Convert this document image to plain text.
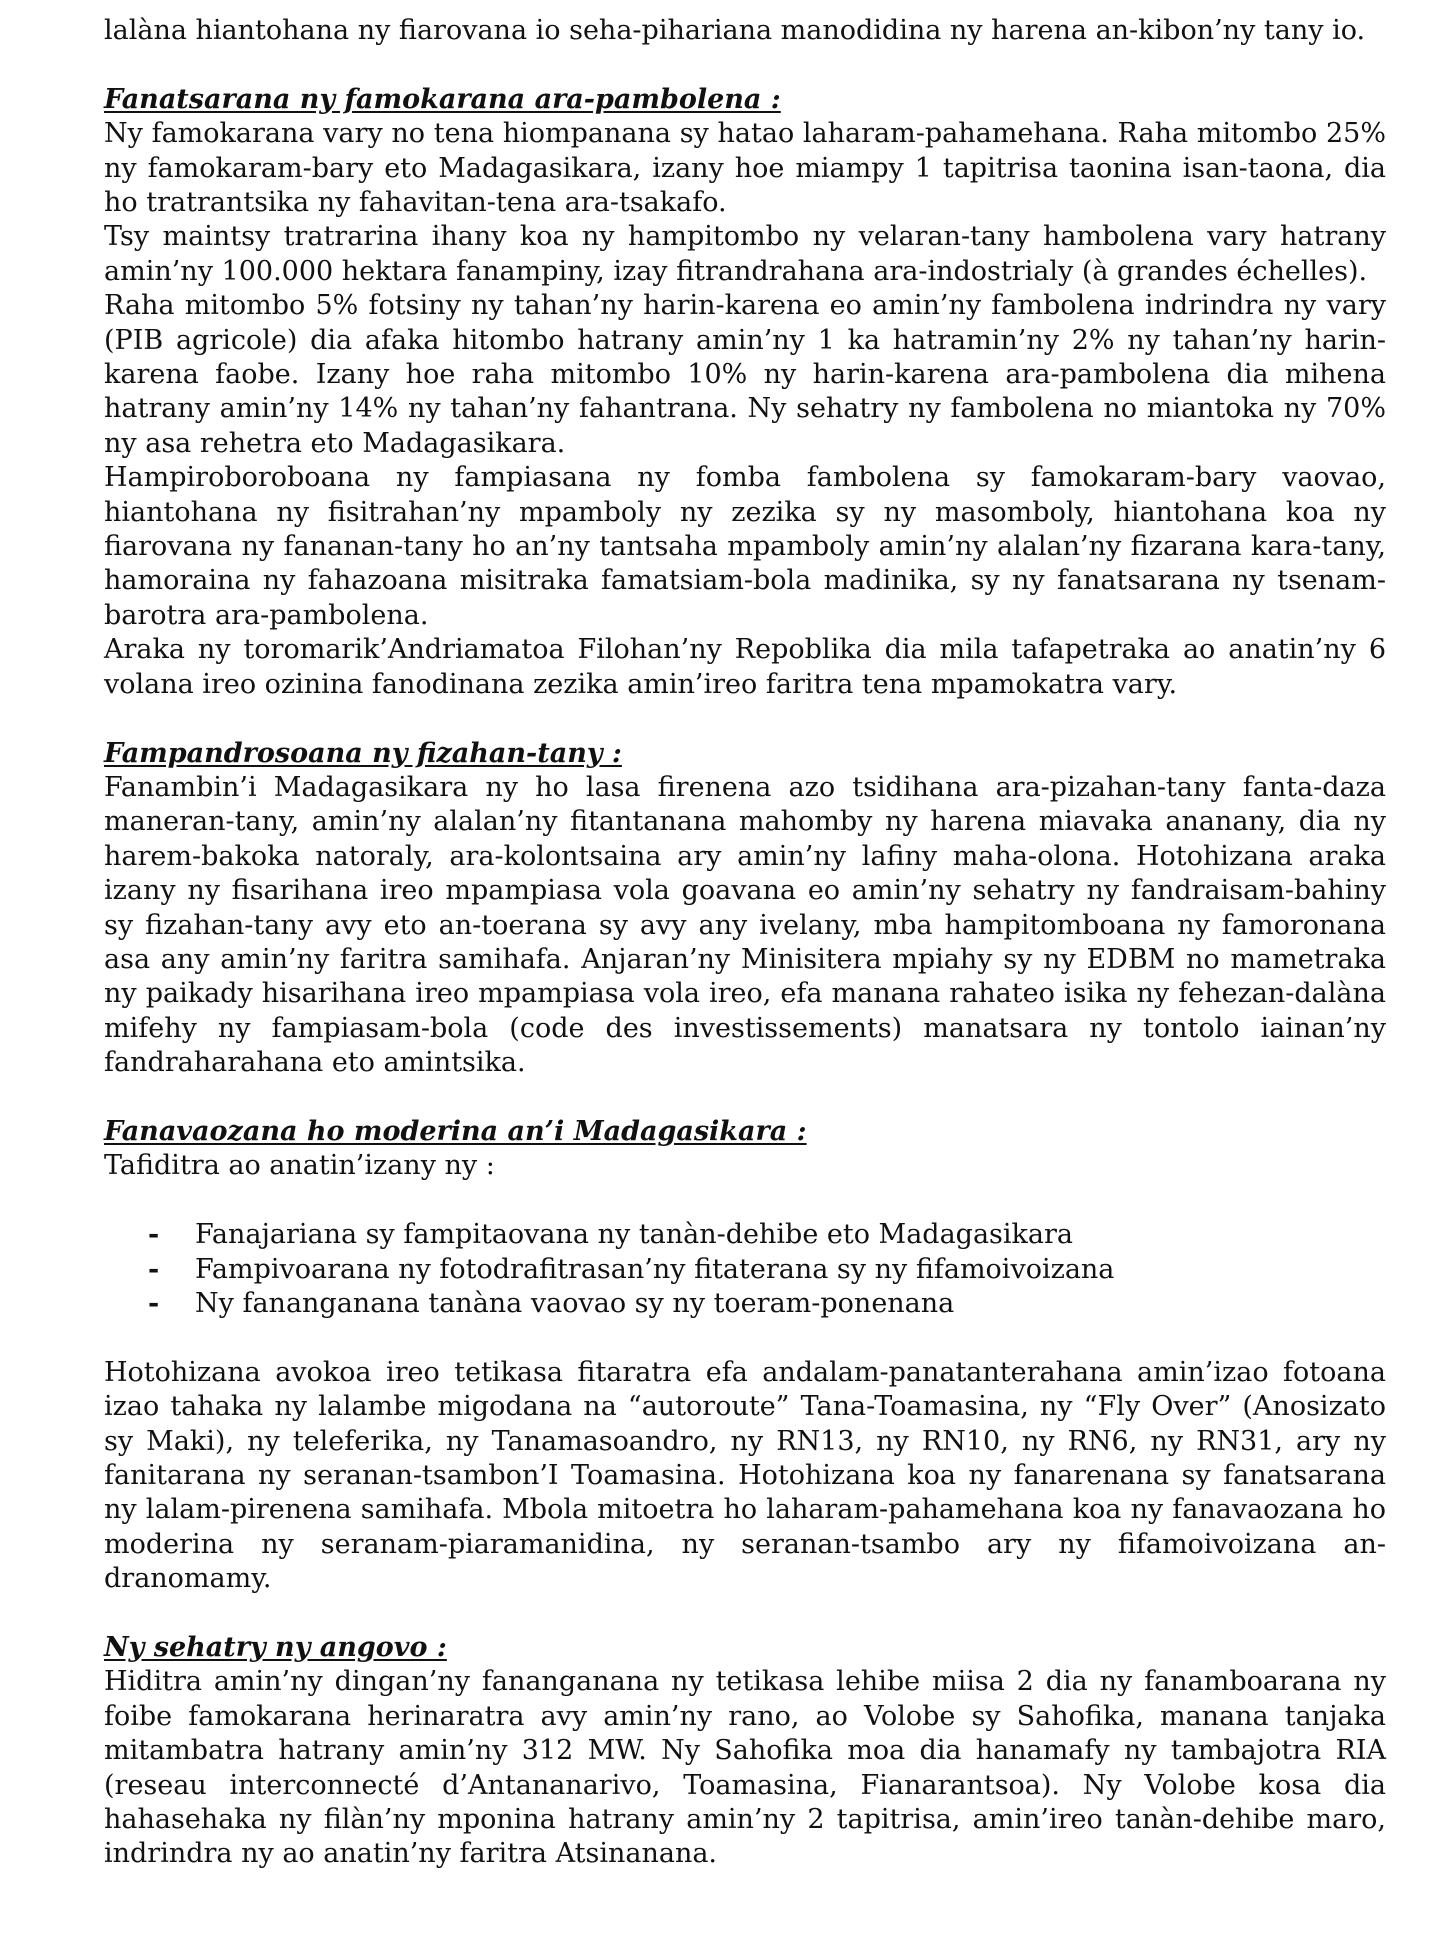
lalàna hiantohana ny fiarovana io seha-pihariana manodidina ny harena an-kibon’ny tany io.

Fanatsarana ny famokarana ara-pambolena :

Ny famokarana vary no tena hiompanana sy hatao laharam-pahamehana. Raha mitombo 25% ny famokaram-bary eto Madagasikara, izany hoe miampy 1 tapitrisa taonina isan-taona, dia ho tratrantsika ny fahavitan-tena ara-tsakafo.

Tsy maintsy tratrarina ihany koa ny hampitombo ny velaran-tany hambolena vary hatrany amin’ny 100.000 hektara fanampiny, izay fitrandrahana ara-indostrialy (à grandes échelles).

Raha mitombo 5% fotsiny ny tahan’ny harin-karena eo amin’ny fambolena indrindra ny vary (PIB agricole) dia afaka hitombo hatrany amin’ny 1 ka hatramin’ny 2% ny tahan’ny harin-karena faobe. Izany hoe raha mitombo 10% ny harin-karena ara-pambolena dia mihena hatrany amin’ny 14% ny tahan’ny fahantrana. Ny sehatry ny fambolena no miantoka ny 70% ny asa rehetra eto Madagasikara.

Hampiroboroboana ny fampiasana ny fomba fambolena sy famokaram-bary vaovao, hiantohana ny fisitrahan’ny mpamboly ny zezika sy ny masomboly, hiantohana koa ny fiarovana ny fananan-tany ho an’ny tantsaha mpamboly amin’ny alalan’ny fizarana kara-tany, hamoraina ny fahazoana misitraka famatsiam-bola madinika, sy ny fanatsarana ny tsenam-barotra ara-pambolena.

Araka ny toromarik’Andriamatoa Filohan’ny Repoblika dia mila tafapetraka ao anatin’ny 6 volana ireo ozinina fanodinana zezika amin’ireo faritra tena mpamokatra vary.

Fampandrosoana ny fizahan-tany :

Fanambin’i Madagasikara ny ho lasa firenena azo tsidihana ara-pizahan-tany fanta-daza maneran-tany, amin’ny alalan’ny fitantanana mahomby ny harena miavaka ananany, dia ny harem-bakoka natoraly, ara-kolontsaina ary amin’ny lafiny maha-olona. Hotohizana araka izany ny fisarihana ireo mpampiasa vola goavana eo amin’ny sehatry ny fandraisam-bahiny sy fizahan-tany avy eto an-toerana sy avy any ivelany, mba hampitomboana ny famoronana asa any amin’ny faritra samihafa. Anjaran’ny Minisitera mpiahy sy ny EDBM no mametraka ny paikady hisarihana ireo mpampiasa vola ireo, efa manana rahateo isika ny fehezan-dalàna mifehy ny fampiasam-bola (code des investissements) manatsara ny tontolo iainan’ny fandraharahana eto amintsika.

Fanavaozana ho moderina an’i Madagasikara :

Tafiditra ao anatin’izany ny :

- Fanajariana sy fampitaovana ny tanàn-dehibe eto Madagasikara
- Fampivoarana ny fotodrafitrasan’ny fitaterana sy ny fifamoivoizana
- Ny fananganana tanàna vaovao sy ny toeram-ponenana

Hotohizana avokoa ireo tetikasa fitaratra efa andalam-panatanterahana amin’izao fotoana izao tahaka ny lalambe migodana na “autoroute” Tana-Toamasina, ny “Fly Over” (Anosizato sy Maki), ny teleferika, ny Tanamasoandro, ny RN13, ny RN10, ny RN6, ny RN31, ary ny fanitarana ny seranan-tsambon’I Toamasina. Hotohizana koa ny fanarenana sy fanatsarana ny lalam-pirenena samihafa. Mbola mitoetra ho laharam-pahamehana koa ny fanavaozana ho moderina ny seranam-piaramanidina, ny seranan-tsambo ary ny fifamoivoizana an-dranomamy.

Ny sehatry ny angovo :

Hiditra amin’ny dingan’ny fananganana ny tetikasa lehibe miisa 2 dia ny fanamboarana ny foibe famokarana herinaratra avy amin’ny rano, ao Volobe sy Sahofika, manana tanjaka mitambatra hatrany amin’ny 312 MW. Ny Sahofika moa dia hanamafy ny tambajotra RIA (reseau interconnecté d’Antananarivo, Toamasina, Fianarantsoa). Ny Volobe kosa dia hahasehaka ny filàn’ny mponina hatrany amin’ny 2 tapitrisa, amin’ireo tanàn-dehibe maro, indrindra ny ao anatin’ny faritra Atsinanana.
